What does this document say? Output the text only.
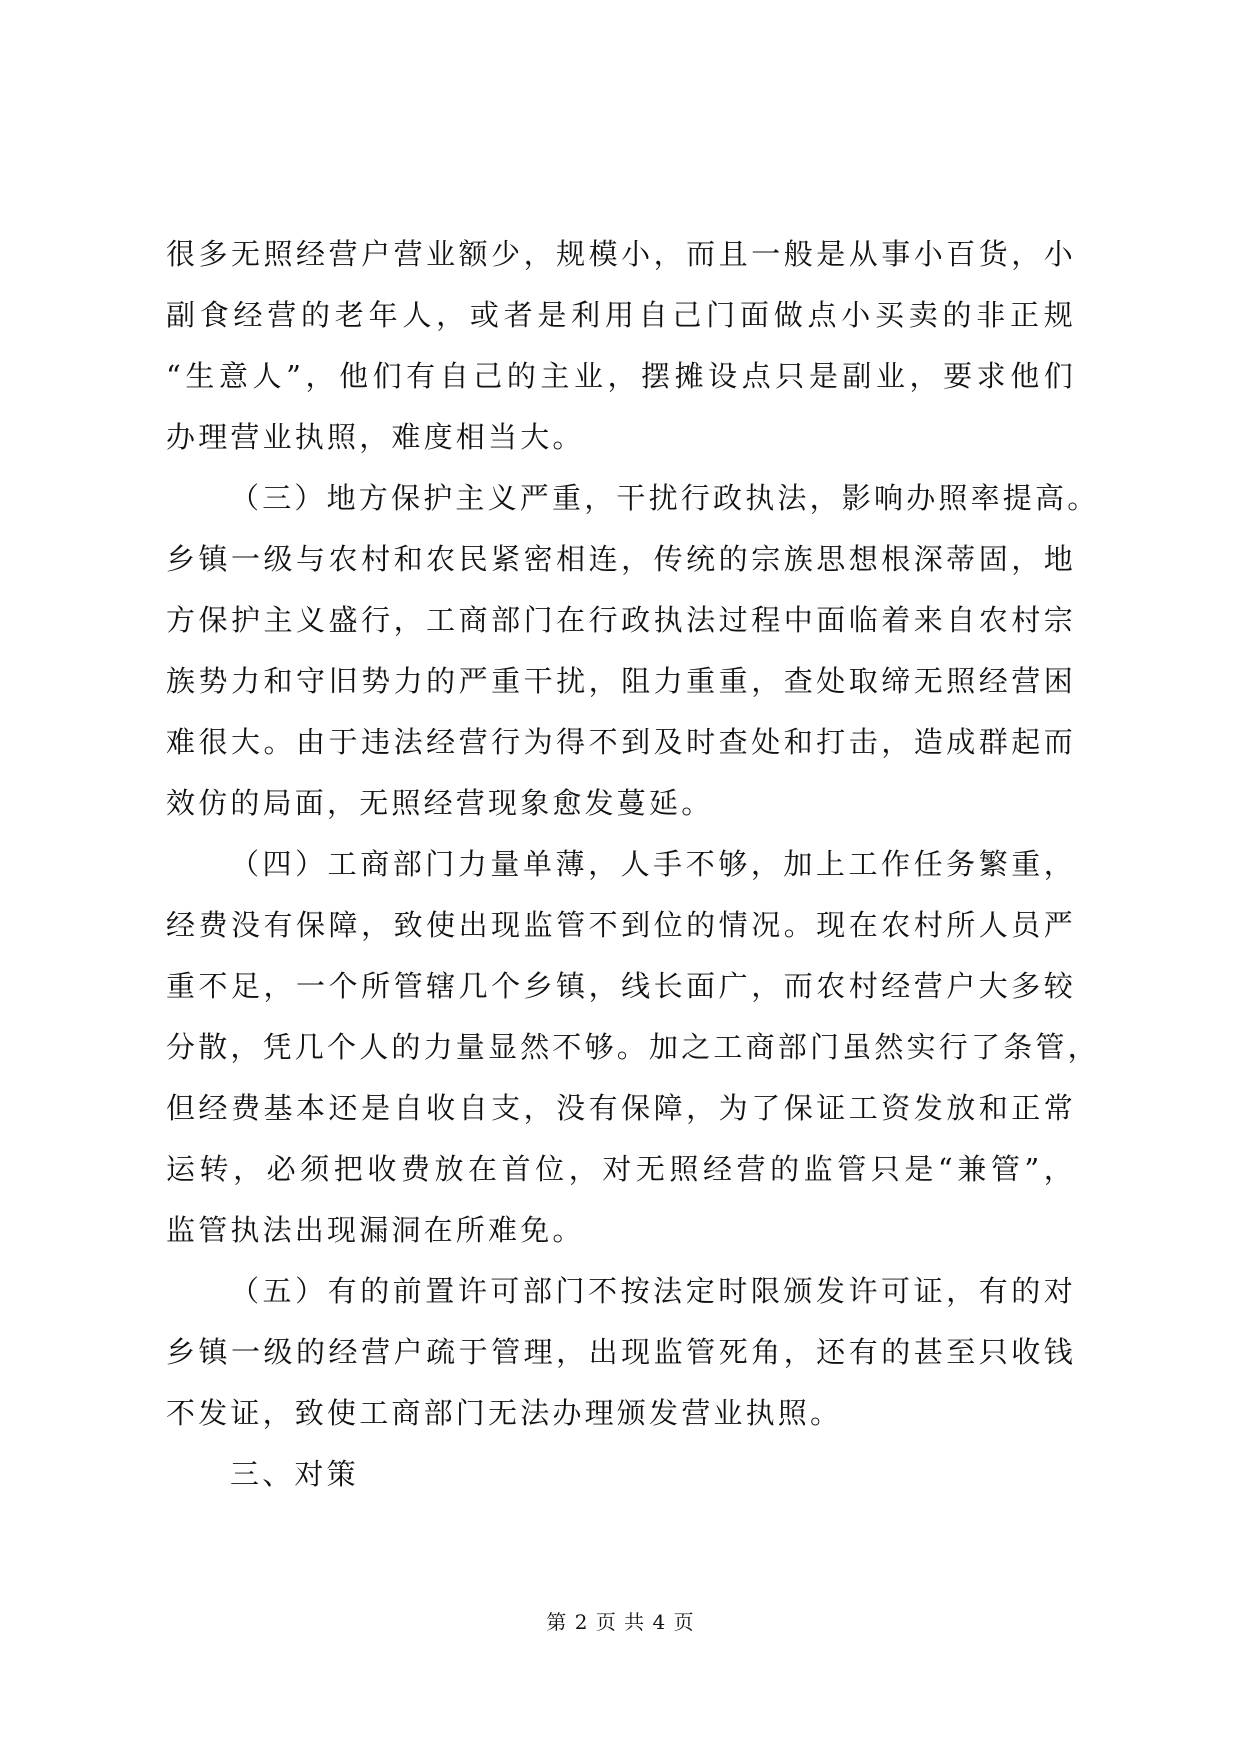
很多无照经营户营业额少，规模小，而且一般是从事小百货，小
副食经营的老年人，或者是利用自己门面做点小买卖的非正规
“生意人”，他们有自己的主业，摆摊设点只是副业，要求他们
办理营业执照，难度相当大。
（三）地方保护主义严重，干扰行政执法，影响办照率提高。
乡镇一级与农村和农民紧密相连，传统的宗族思想根深蒂固，地
方保护主义盛行，工商部门在行政执法过程中面临着来自农村宗
族势力和守旧势力的严重干扰，阻力重重，查处取缔无照经营困
难很大。由于违法经营行为得不到及时查处和打击，造成群起而
效仿的局面，无照经营现象愈发蔓延。
（四）工商部门力量单薄，人手不够，加上工作任务繁重，
经费没有保障，致使出现监管不到位的情况。现在农村所人员严
重不足，一个所管辖几个乡镇，线长面广，而农村经营户大多较
分散，凭几个人的力量显然不够。加之工商部门虽然实行了条管，
但经费基本还是自收自支，没有保障，为了保证工资发放和正常
运转，必须把收费放在首位，对无照经营的监管只是“兼管”，
监管执法出现漏洞在所难免。
（五）有的前置许可部门不按法定时限颁发许可证，有的对
乡镇一级的经营户疏于管理，出现监管死角，还有的甚至只收钱
不发证，致使工商部门无法办理颁发营业执照。
三、对策
第 2 页 共 4 页
